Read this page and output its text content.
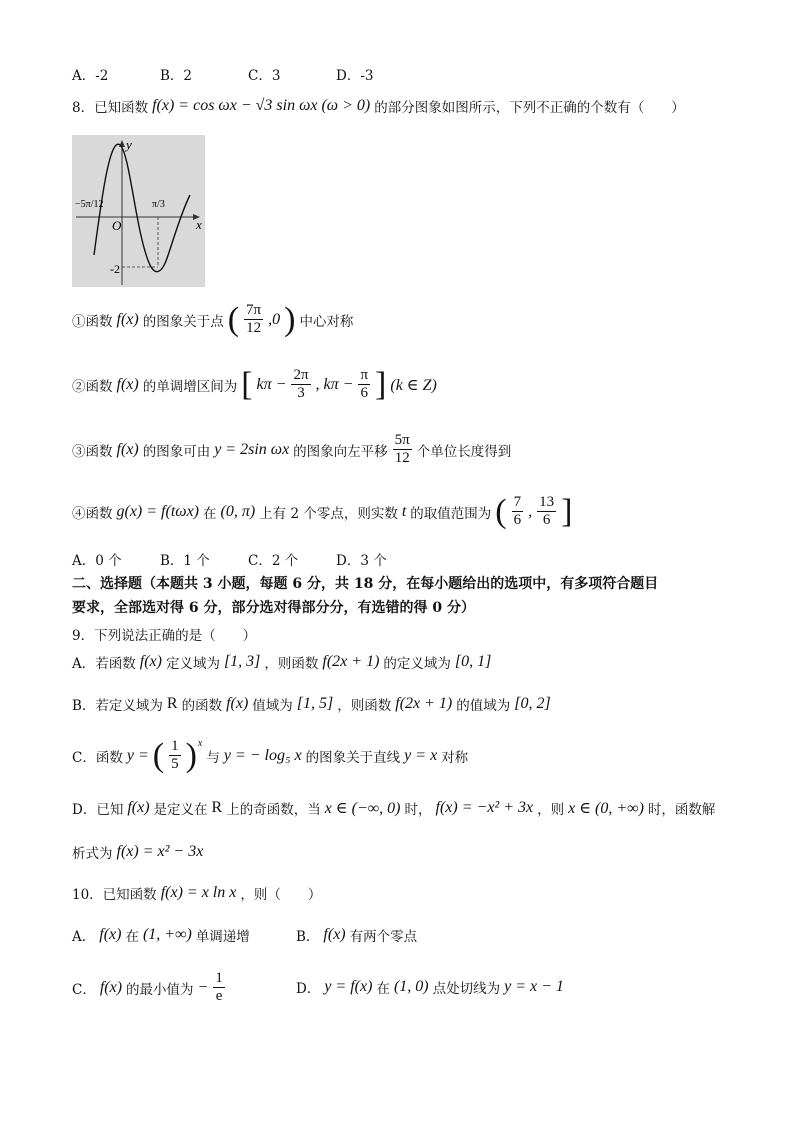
A．-2	B．2	C．3	D．-3
8．已知函数 f(x) = cos ωx − √3 sin ωx (ω > 0) 的部分图象如图所示，下列不正确的个数有（　　）
y
x
O
−5π/12	π/3
-2
①函数 f(x) 的图象关于点 ( $\frac{7\pi}{12} ,0$ ) 中心对称
②函数 f(x) 的单调增区间为 [ $k\pi - \frac{2\pi}{3}$ , $k\pi - \frac{\pi}{6}$ ] (k ∈ Z)
③函数 f(x) 的图象可由 y = 2sin ωx 的图象向左平移 $\frac{5\pi}{12}$ 个单位长度得到
④函数 g(x) = f(tωx) 在 (0, π) 上有 2 个零点，则实数 t 的取值范围为 ( $\frac{7}{6}$ , $\frac{13}{6}$ ]
A．0 个	B．1 个	C．2 个	D．3 个
二、选择题（本题共 3 小题，每题 6 分，共 18 分，在每小题给出的选项中，有多项符合题目
要求，全部选对得 6 分，部分选对得部分分，有选错的得 0 分）
9．下列说法正确的是（　　）
A．若函数 f(x) 定义域为 [1, 3] ，则函数 f(2x + 1) 的定义域为 [0, 1]
B．若定义域为 R 的函数 f(x) 值域为 [1, 5] ，则函数 f(2x + 1) 的值域为 [0, 2]
C．函数 y = ( $\frac{1}{5}$ ) x
与 y = − log₅ x 的图象关于直线 y = x 对称
D．已知 f(x) 是定义在 R 上的奇函数，当 x ∈ (−∞, 0) 时， f(x) = −x² + 3x ，则 x ∈ (0, +∞) 时，函数解
析式为 f(x) = x² − 3x
10．已知函数 f(x) = x ln x ，则（　　）
A． f(x) 在 (1, +∞) 单调递增	B． f(x) 有两个零点
C． f(x) 的最小值为 − $\frac{1}{e}$	D． y = f(x) 在 (1, 0) 点处切线为 y = x − 1
